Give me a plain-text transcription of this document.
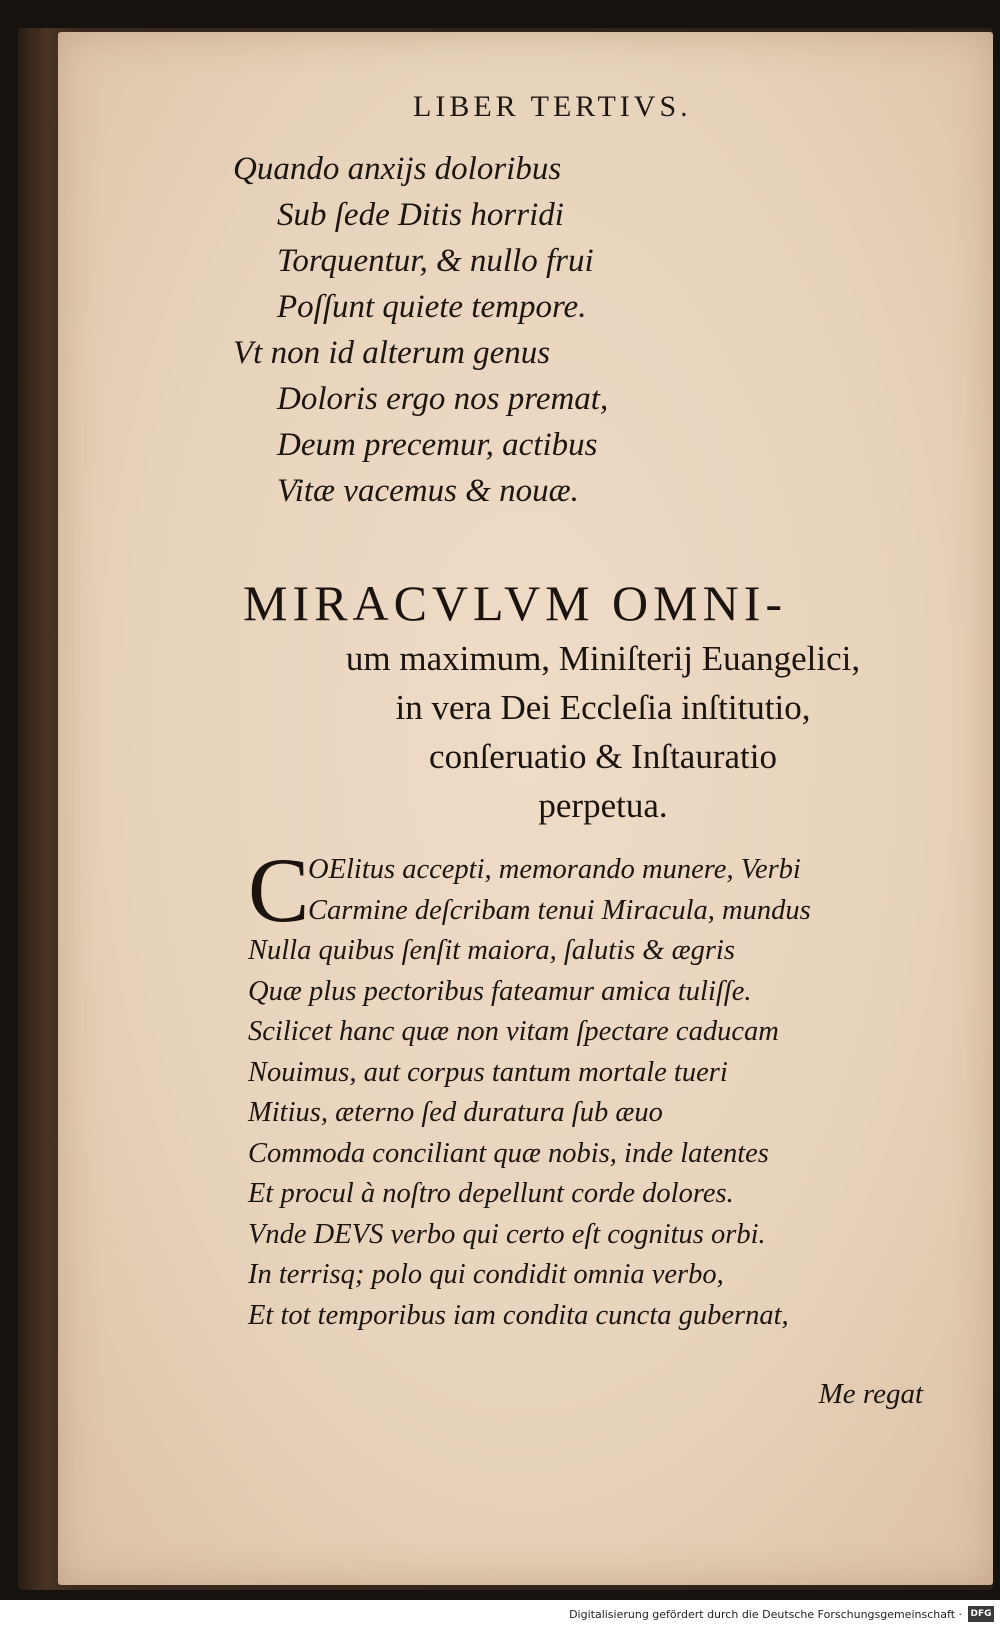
LIBER TERTIVS.
Quando anxijs doloribus
Sub ſede Ditis horridi
Torquentur, & nullo frui
Poſſunt quiete tempore.
Vt non id alterum genus
Doloris ergo nos premat,
Deum precemur, actibus
Vitæ vacemus & nouæ.
MIRACVLVM OMNI-
um maximum, Miniſterij Euangelici,
in vera Dei Eccleſia inſtitutio,
conſeruatio & Inſtauratio
perpetua.
C
OElitus accepti, memorando munere, Verbi
Carmine deſcribam tenui Miracula, mundus
Nulla quibus ſenſit maiora, ſalutis & ægris
Quæ plus pectoribus fateamur amica tuliſſe.
Scilicet hanc quæ non vitam ſpectare caducam
Nouimus, aut corpus tantum mortale tueri
Mitius, æterno ſed duratura ſub æuo
Commoda conciliant quæ nobis, inde latentes
Et procul à noſtro depellunt corde dolores.
Vnde DEVS verbo qui certo eſt cognitus orbi.
In terrisq; polo qui condidit omnia verbo,
Et tot temporibus iam condita cuncta gubernat,
Me regat
Digitalisierung gefördert durch die Deutsche Forschungsgemeinschaft · DFG
